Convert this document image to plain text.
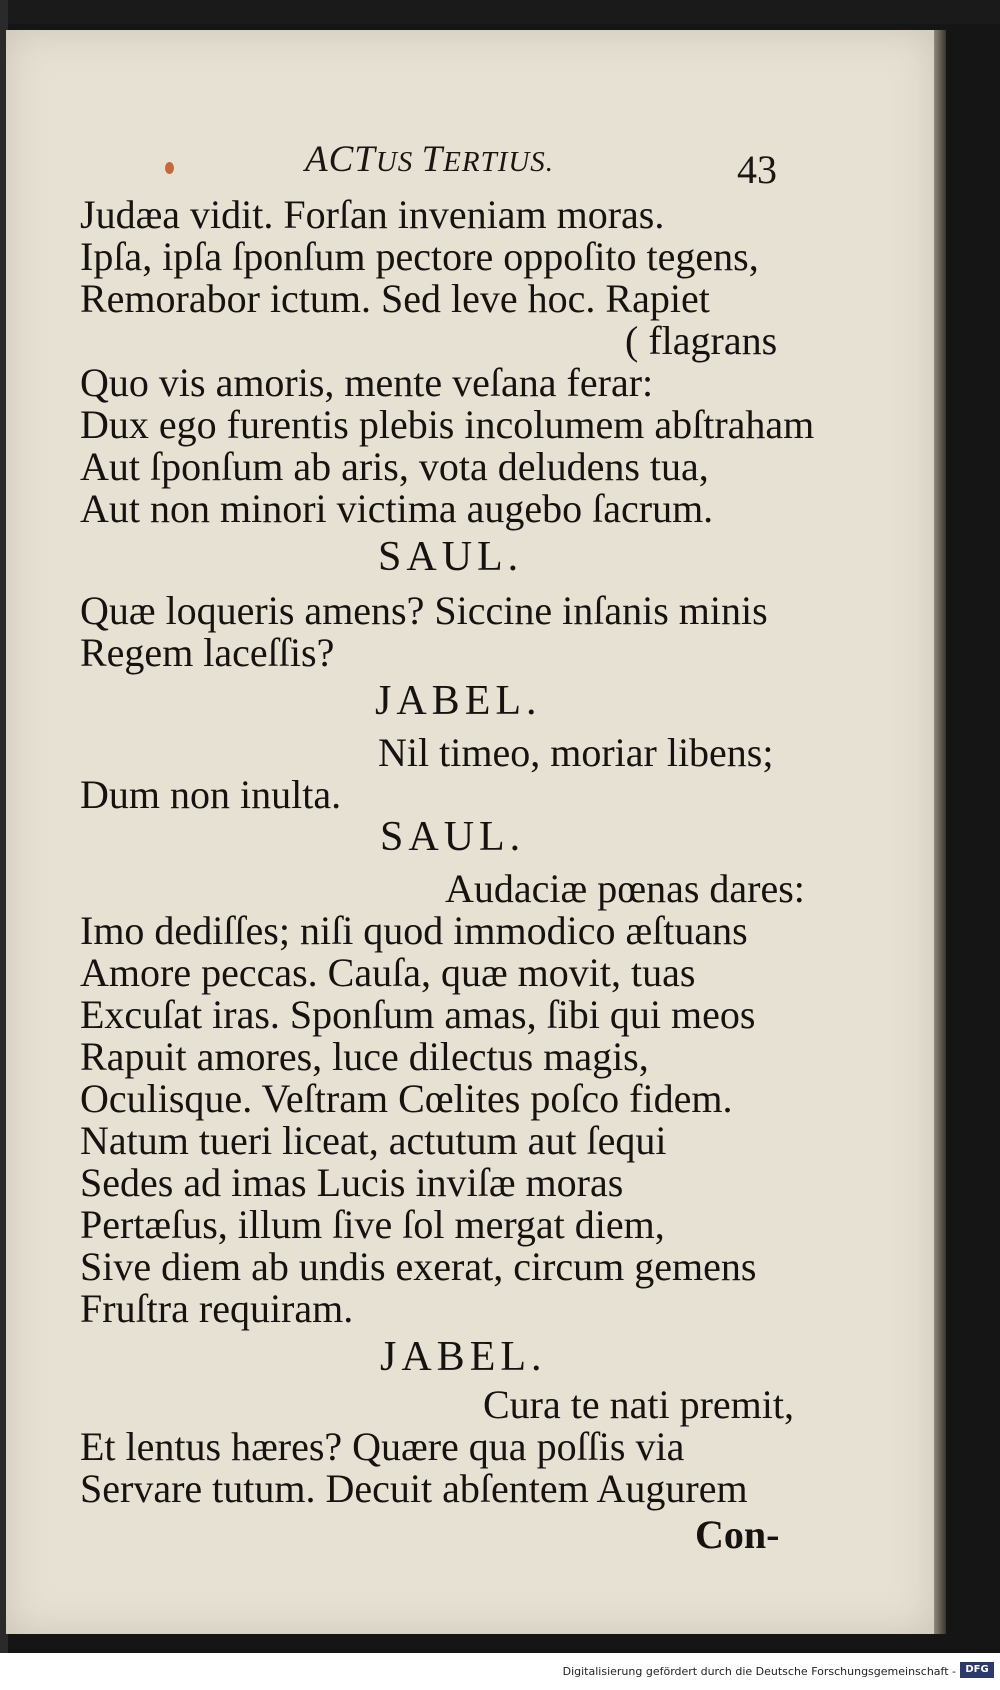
ACTUS TERTIUS.	43
Judæa vidit. Forſan inveniam moras.
Ipſa, ipſa ſponſum pectore oppoſito tegens,
Remorabor ictum. Sed leve hoc. Rapiet
( flagrans
Quo vis amoris, mente veſana ferar:
Dux ego furentis plebis incolumem abſtraham
Aut ſponſum ab aris, vota deludens tua,
Aut non minori victima augebo ſacrum.
SAUL.
Quæ loqueris amens? Siccine inſanis minis
Regem laceſſis?
JABEL.
Nil timeo, moriar libens;
Dum non inulta.
SAUL.
Audaciæ pœnas dares:
Imo dediſſes; niſi quod immodico æſtuans
Amore peccas. Cauſa, quæ movit, tuas
Excuſat iras. Sponſum amas, ſibi qui meos
Rapuit amores, luce dilectus magis,
Oculisque. Veſtram Cœlites poſco fidem.
Natum tueri liceat, actutum aut ſequi
Sedes ad imas Lucis inviſæ moras
Pertæſus, illum ſive ſol mergat diem,
Sive diem ab undis exerat, circum gemens
Fruſtra requiram.
JABEL.
Cura te nati premit,
Et lentus hæres? Quære qua poſſis via
Servare tutum. Decuit abſentem Augurem
Con-
Digitalisierung gefördert durch die Deutsche Forschungsgemeinschaft - DFG
